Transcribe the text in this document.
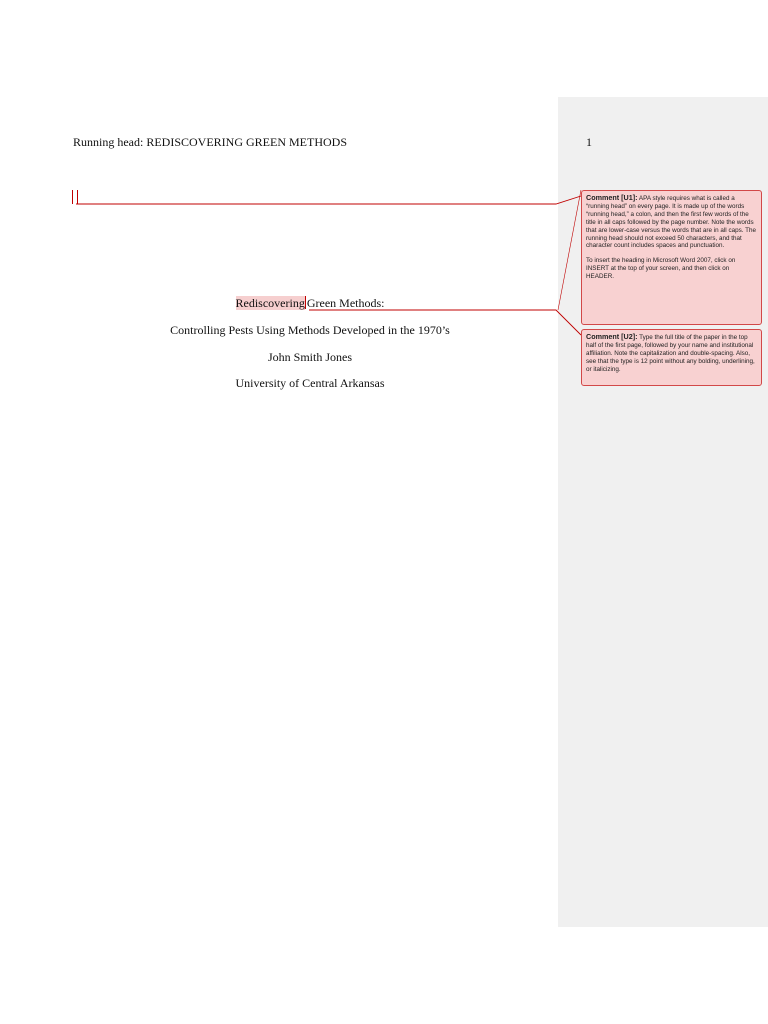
Running head: REDISCOVERING GREEN METHODS	1
Rediscovering Green Methods:
Controlling Pests Using Methods Developed in the 1970’s
John Smith Jones
University of Central Arkansas

Comment [U1]: APA style requires what is called a “running head” on every page. It is made up of the words “running head,” a colon, and then the first few words of the title in all caps followed by the page number. Note the words that are lower-case versus the words that are in all caps. The running head should not exceed 50 characters, and that character count includes spaces and punctuation.

To insert the heading in Microsoft Word 2007, click on INSERT at the top of your screen, and then click on HEADER.

Comment [U2]: Type the full title of the paper in the top half of the first page, followed by your name and institutional affiliation. Note the capitalization and double-spacing. Also, see that the type is 12 point without any bolding, underlining, or italicizing.
